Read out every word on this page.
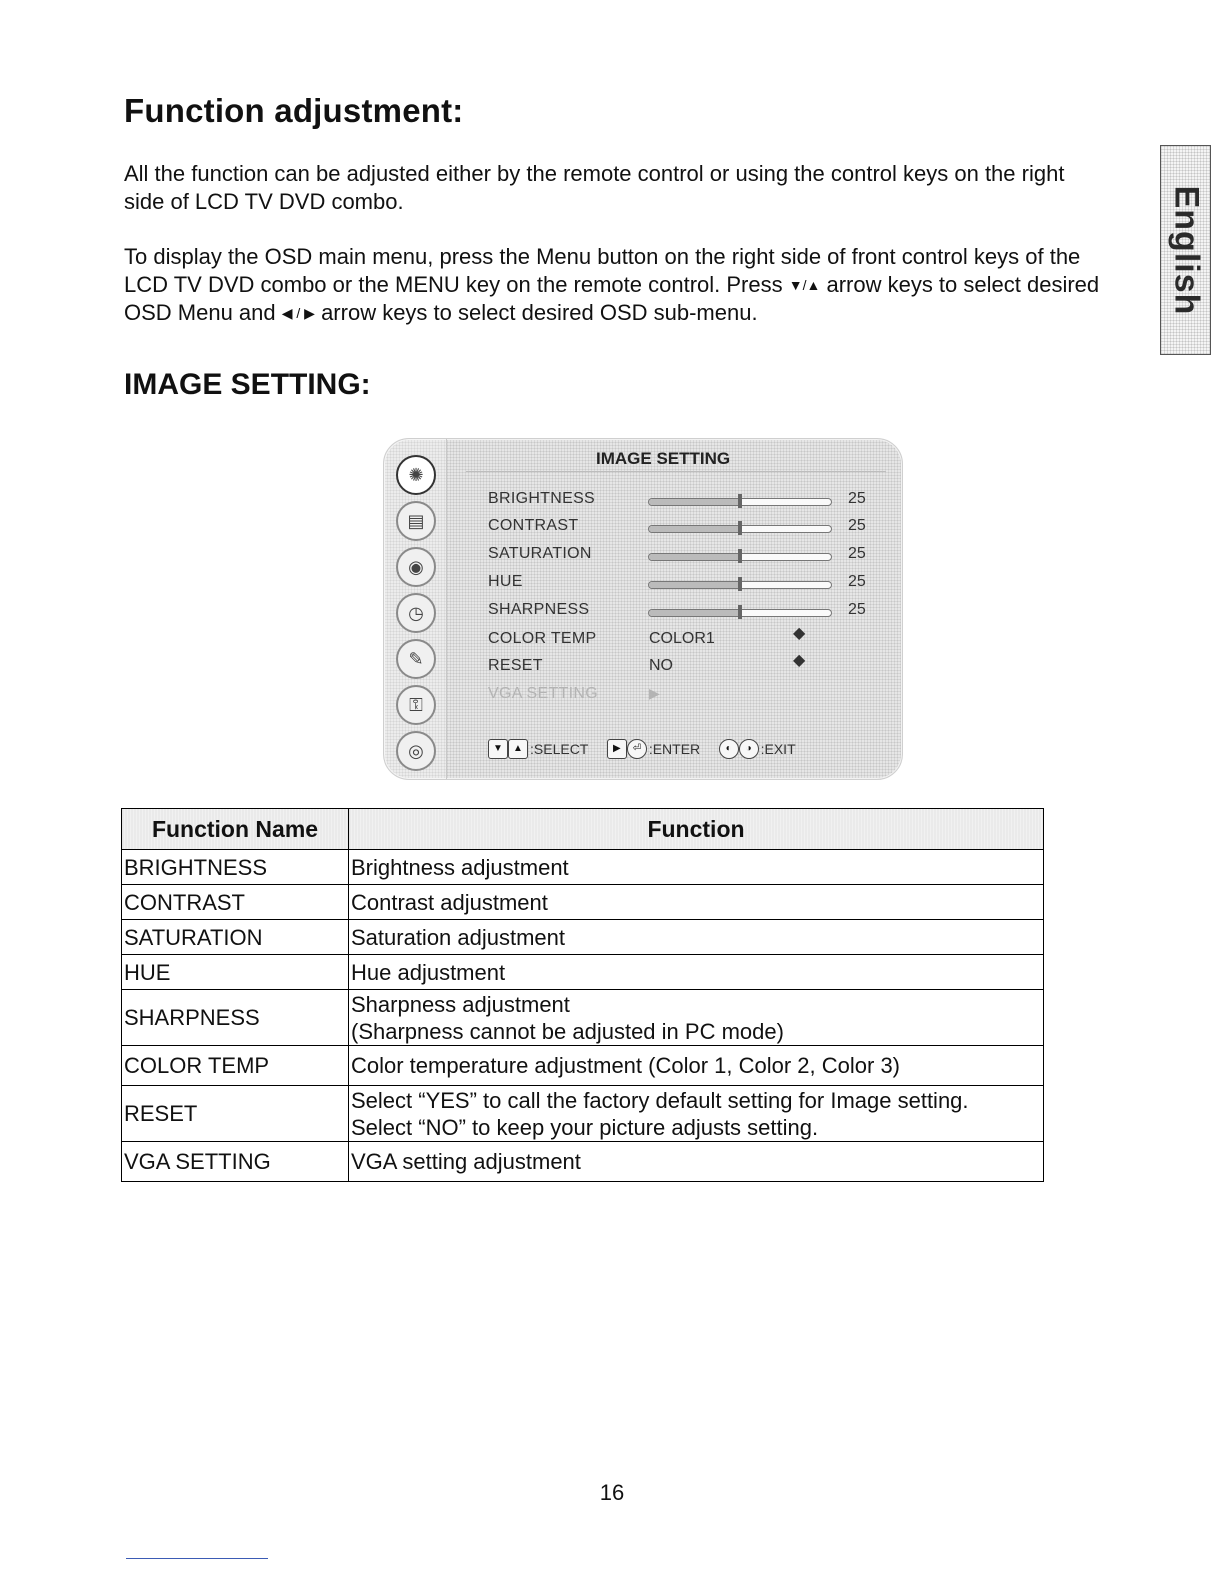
Function adjustment:

All the function can be adjusted either by the remote control or using the control keys on the right side of LCD TV DVD combo.

To display the OSD main menu, press the Menu button on the right side of front control keys of the LCD TV DVD combo or the MENU key on the remote control. Press ▼/▲ arrow keys to select desired OSD Menu and ◀ / ▶ arrow keys to select desired OSD sub-menu.

IMAGE SETTING:
English
✺
▤
◉
◷
✎
⚿
◎
IMAGE SETTING
BRIGHTNESS	25
CONTRAST	25
SATURATION	25
HUE	25
SHARPNESS	25
COLOR TEMP	COLOR1	◆
RESET	NO	◆
VGA SETTING	▶
▼ ▲ :SELECT ▶ ⏎ :ENTER	◐ ◑ :EXIT
Function Name	Function
BRIGHTNESS	Brightness adjustment

CONTRAST	Contrast adjustment

SATURATION	Saturation adjustment

HUE	Hue adjustment

SHARPNESS	Sharpness adjustment
(Sharpness cannot be adjusted in PC mode)

COLOR TEMP	Color temperature adjustment (Color 1, Color 2, Color 3)

RESET	Select “YES” to call the factory default setting for Image setting.
Select “NO” to keep your picture adjusts setting.

VGA SETTING	VGA setting adjustment
16
